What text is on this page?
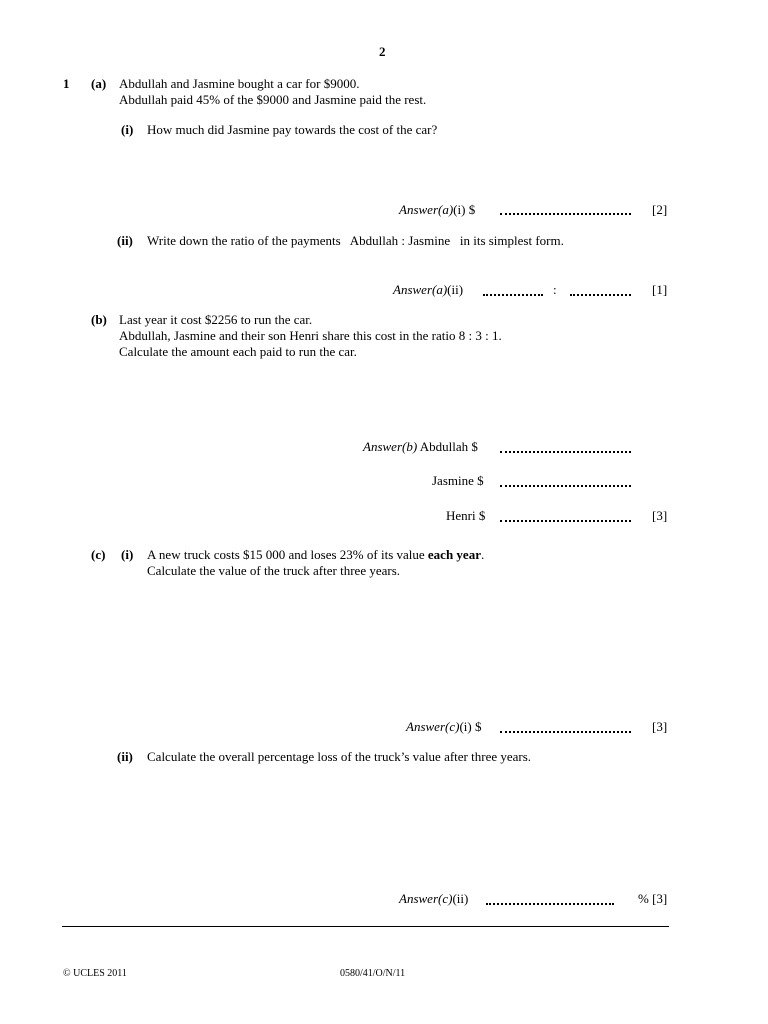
2
1 (a) Abdullah and Jasmine bought a car for $9000.
Abdullah paid 45% of the $9000 and Jasmine paid the rest.
(i) How much did Jasmine pay towards the cost of the car?
Answer(a)(i) $	[2]
(ii) Write down the ratio of the payments   Abdullah : Jasmine   in its simplest form.
Answer(a)(ii)	:	[1]
(b) Last year it cost $2256 to run the car.
Abdullah, Jasmine and their son Henri share this cost in the ratio 8 : 3 : 1.
Calculate the amount each paid to run the car.
Answer(b) Abdullah $
Jasmine $
Henri $	[3]
(c) (i) A new truck costs $15 000 and loses 23% of its value each year.
Calculate the value of the truck after three years.
Answer(c)(i) $	[3]
(ii) Calculate the overall percentage loss of the truck’s value after three years.
Answer(c)(ii)	% [3]
© UCLES 2011	0580/41/O/N/11
